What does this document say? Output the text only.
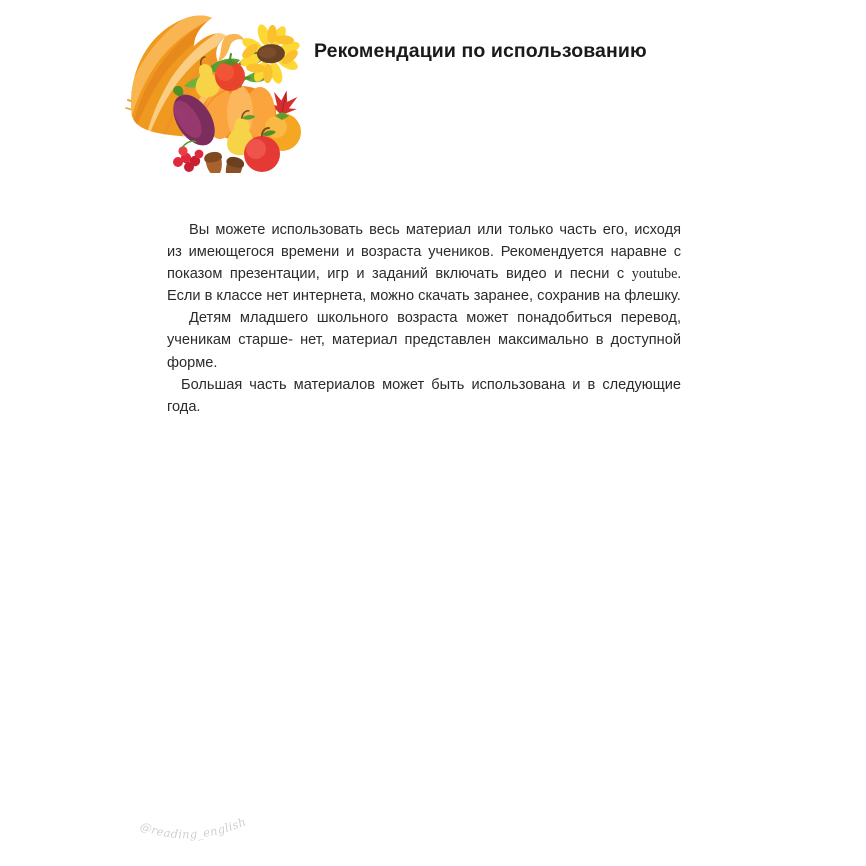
Рекомендации по использованию

Вы можете использовать весь материал или только часть его, исходя из имеющегося времени и возраста учеников. Рекомендуется наравне с показом презентации, игр и заданий включать видео и песни с youtube. Если в классе нет интернета, можно скачать заранее, сохранив на флешку.

Детям младшего школьного возраста может понадобиться перевод, ученикам старше- нет, материал представлен максимально в доступной форме.

Большая часть материалов может быть использована и в следующие года.

@reading_english
